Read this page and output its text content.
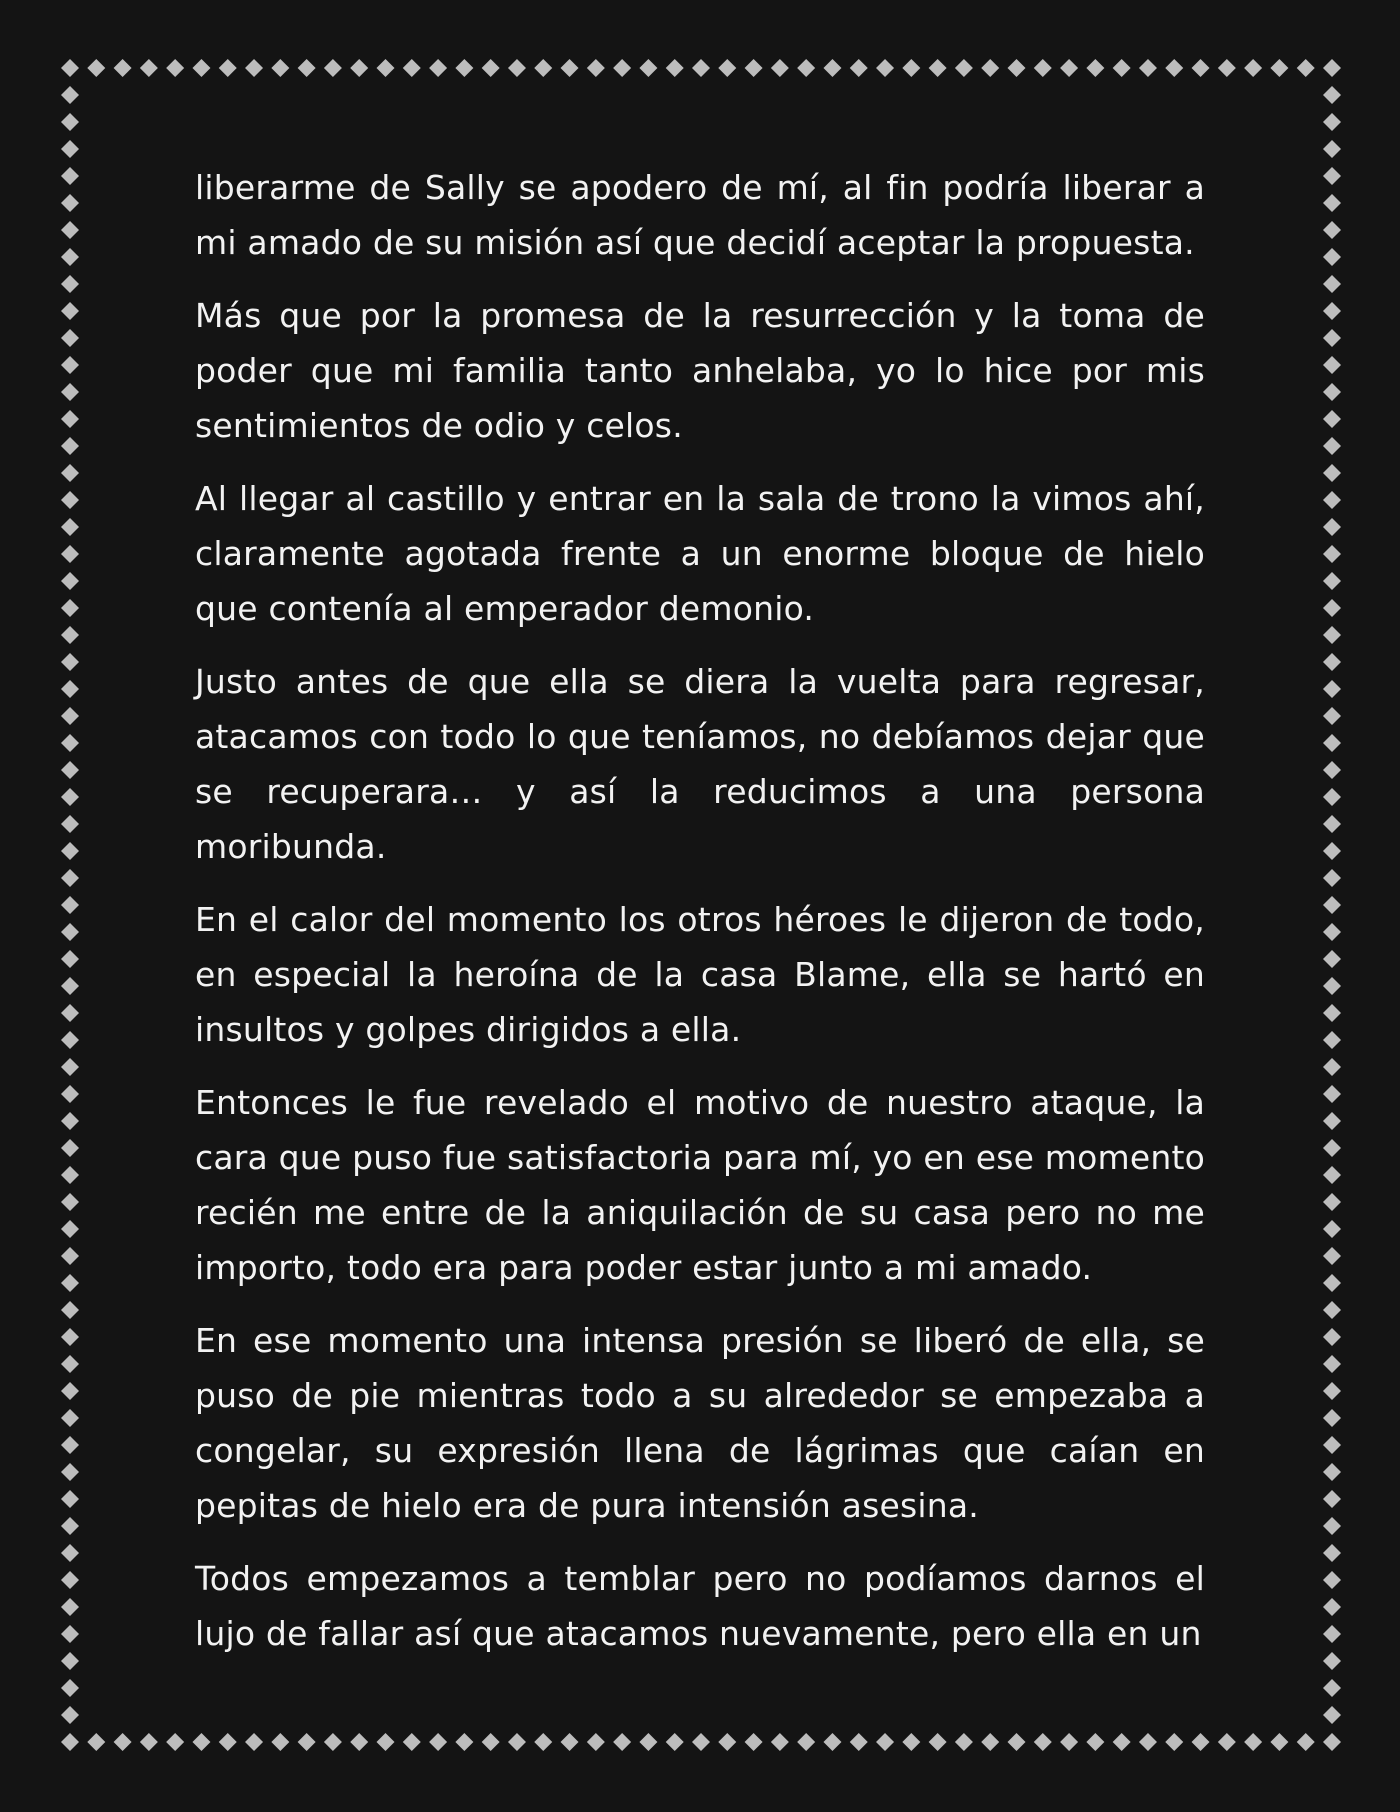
liberarme de Sally se apodero de mí, al fin podría liberar a mi amado de su misión así que decidí aceptar la propuesta.

Más que por la promesa de la resurrección y la toma de poder que mi familia tanto anhelaba, yo lo hice por mis sentimientos de odio y celos.

Al llegar al castillo y entrar en la sala de trono la vimos ahí, claramente agotada frente a un enorme bloque de hielo que contenía al emperador demonio.

Justo antes de que ella se diera la vuelta para regresar, atacamos con todo lo que teníamos, no debíamos dejar que se recuperara… y así la reducimos a una persona moribunda.

En el calor del momento los otros héroes le dijeron de todo, en especial la heroína de la casa Blame, ella se hartó en insultos y golpes dirigidos a ella.

Entonces le fue revelado el motivo de nuestro ataque, la cara que puso fue satisfactoria para mí, yo en ese momento recién me entre de la aniquilación de su casa pero no me importo, todo era para poder estar junto a mi amado.

En ese momento una intensa presión se liberó de ella, se puso de pie mientras todo a su alrededor se empezaba a congelar, su expresión llena de lágrimas que caían en pepitas de hielo era de pura intensión asesina.

Todos empezamos a temblar pero no podíamos darnos el lujo de fallar así que atacamos nuevamente, pero ella en un
